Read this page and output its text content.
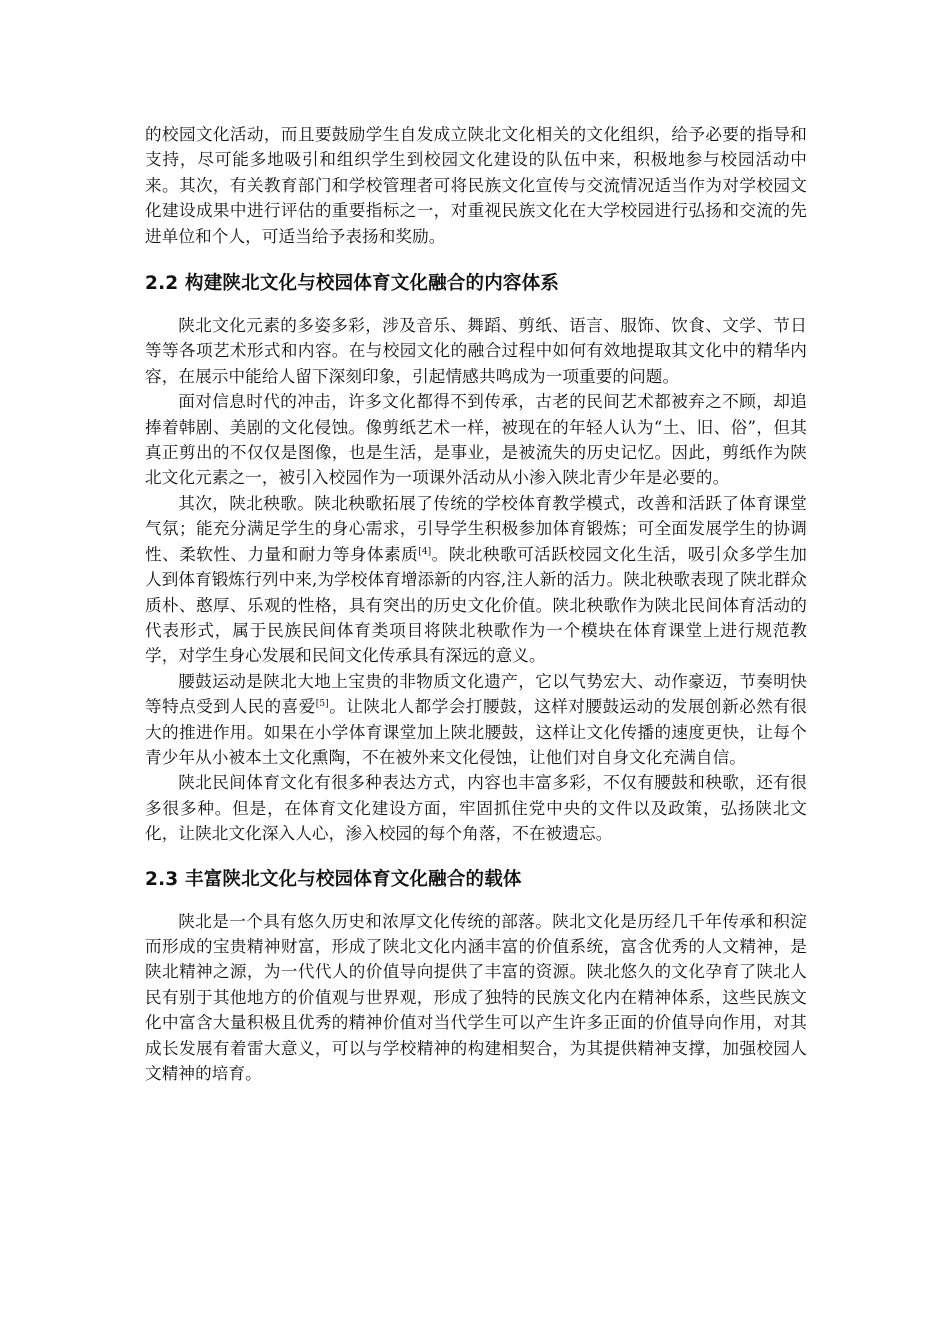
的校园文化活动，而且要鼓励学生自发成立陕北文化相关的文化组织，给予必要的指导和支持，尽可能多地吸引和组织学生到校园文化建设的队伍中来，积极地参与校园活动中来。其次，有关教育部门和学校管理者可将民族文化宣传与交流情况适当作为对学校园文化建设成果中进行评估的重要指标之一，对重视民族文化在大学校园进行弘扬和交流的先进单位和个人，可适当给予表扬和奖励。

2.2 构建陕北文化与校园体育文化融合的内容体系

陕北文化元素的多姿多彩，涉及音乐、舞蹈、剪纸、语言、服饰、饮食、文学、节日等等各项艺术形式和内容。在与校园文化的融合过程中如何有效地提取其文化中的精华内容，在展示中能给人留下深刻印象，引起情感共鸣成为一项重要的问题。

面对信息时代的冲击，许多文化都得不到传承，古老的民间艺术都被弃之不顾，却追捧着韩剧、美剧的文化侵蚀。像剪纸艺术一样，被现在的年轻人认为“土、旧、俗”，但其真正剪出的不仅仅是图像，也是生活，是事业，是被流失的历史记忆。因此，剪纸作为陕北文化元素之一，被引入校园作为一项课外活动从小渗入陕北青少年是必要的。

其次，陕北秧歌。陕北秧歌拓展了传统的学校体育教学模式，改善和活跃了体育课堂气氛；能充分满足学生的身心需求，引导学生积极参加体育锻炼；可全面发展学生的协调性、柔软性、力量和耐力等身体素质[4]。陕北秧歌可活跃校园文化生活，吸引众多学生加人到体育锻炼行列中来,为学校体育增添新的内容,注人新的活力。陕北秧歌表现了陕北群众质朴、憨厚、乐观的性格，具有突出的历史文化价值。陕北秧歌作为陕北民间体育活动的代表形式，属于民族民间体育类项目将陕北秧歌作为一个模块在体育课堂上进行规范教学，对学生身心发展和民间文化传承具有深远的意义。

腰鼓运动是陕北大地上宝贵的非物质文化遗产，它以气势宏大、动作豪迈，节奏明快等特点受到人民的喜爱[5]。让陕北人都学会打腰鼓，这样对腰鼓运动的发展创新必然有很大的推进作用。如果在小学体育课堂加上陕北腰鼓，这样让文化传播的速度更快，让每个青少年从小被本土文化熏陶，不在被外来文化侵蚀，让他们对自身文化充满自信。

陕北民间体育文化有很多种表达方式，内容也丰富多彩，不仅有腰鼓和秧歌，还有很多很多种。但是，在体育文化建设方面，牢固抓住党中央的文件以及政策，弘扬陕北文化，让陕北文化深入人心，渗入校园的每个角落，不在被遗忘。

2.3 丰富陕北文化与校园体育文化融合的载体

陕北是一个具有悠久历史和浓厚文化传统的部落。陕北文化是历经几千年传承和积淀而形成的宝贵精神财富，形成了陕北文化内涵丰富的价值系统，富含优秀的人文精神，是陕北精神之源，为一代代人的价值导向提供了丰富的资源。陕北悠久的文化孕育了陕北人民有别于其他地方的价值观与世界观，形成了独特的民族文化内在精神体系，这些民族文化中富含大量积极且优秀的精神价值对当代学生可以产生许多正面的价值导向作用，对其成长发展有着雷大意义，可以与学校精神的构建相契合，为其提供精神支撑，加强校园人文精神的培育。
